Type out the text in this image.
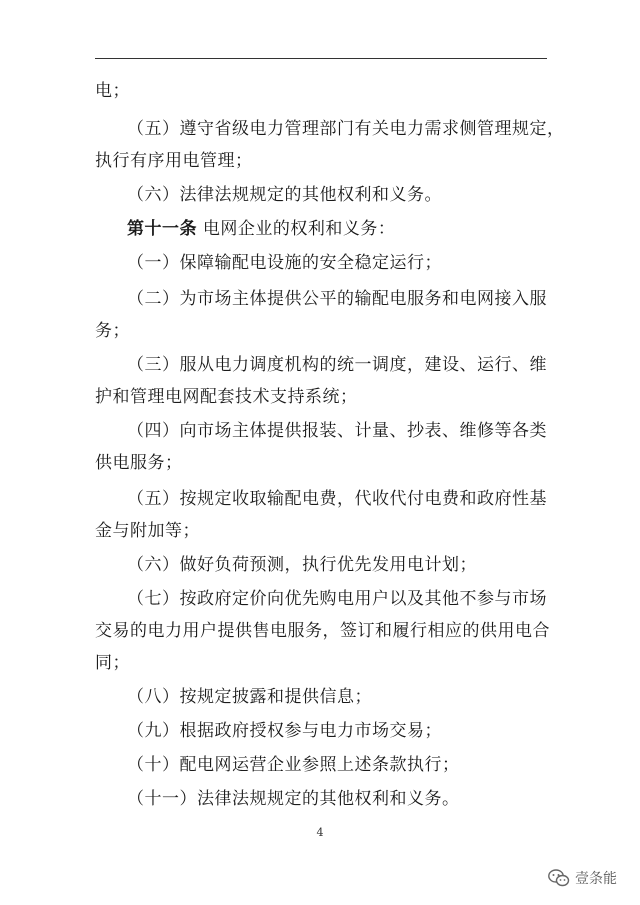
电；
（五）遵守省级电力管理部门有关电力需求侧管理规定，
执行有序用电管理；
（六）法律法规规定的其他权利和义务。
第十一条 电网企业的权利和义务：
（一）保障输配电设施的安全稳定运行；
（二）为市场主体提供公平的输配电服务和电网接入服
务；
（三）服从电力调度机构的统一调度，建设、运行、维
护和管理电网配套技术支持系统；
（四）向市场主体提供报装、计量、抄表、维修等各类
供电服务；
（五）按规定收取输配电费，代收代付电费和政府性基
金与附加等；
（六）做好负荷预测，执行优先发用电计划；
（七）按政府定价向优先购电用户以及其他不参与市场
交易的电力用户提供售电服务，签订和履行相应的供用电合
同；
（八）按规定披露和提供信息；
（九）根据政府授权参与电力市场交易；
（十）配电网运营企业参照上述条款执行；
（十一）法律法规规定的其他权利和义务。
4
壹条能
